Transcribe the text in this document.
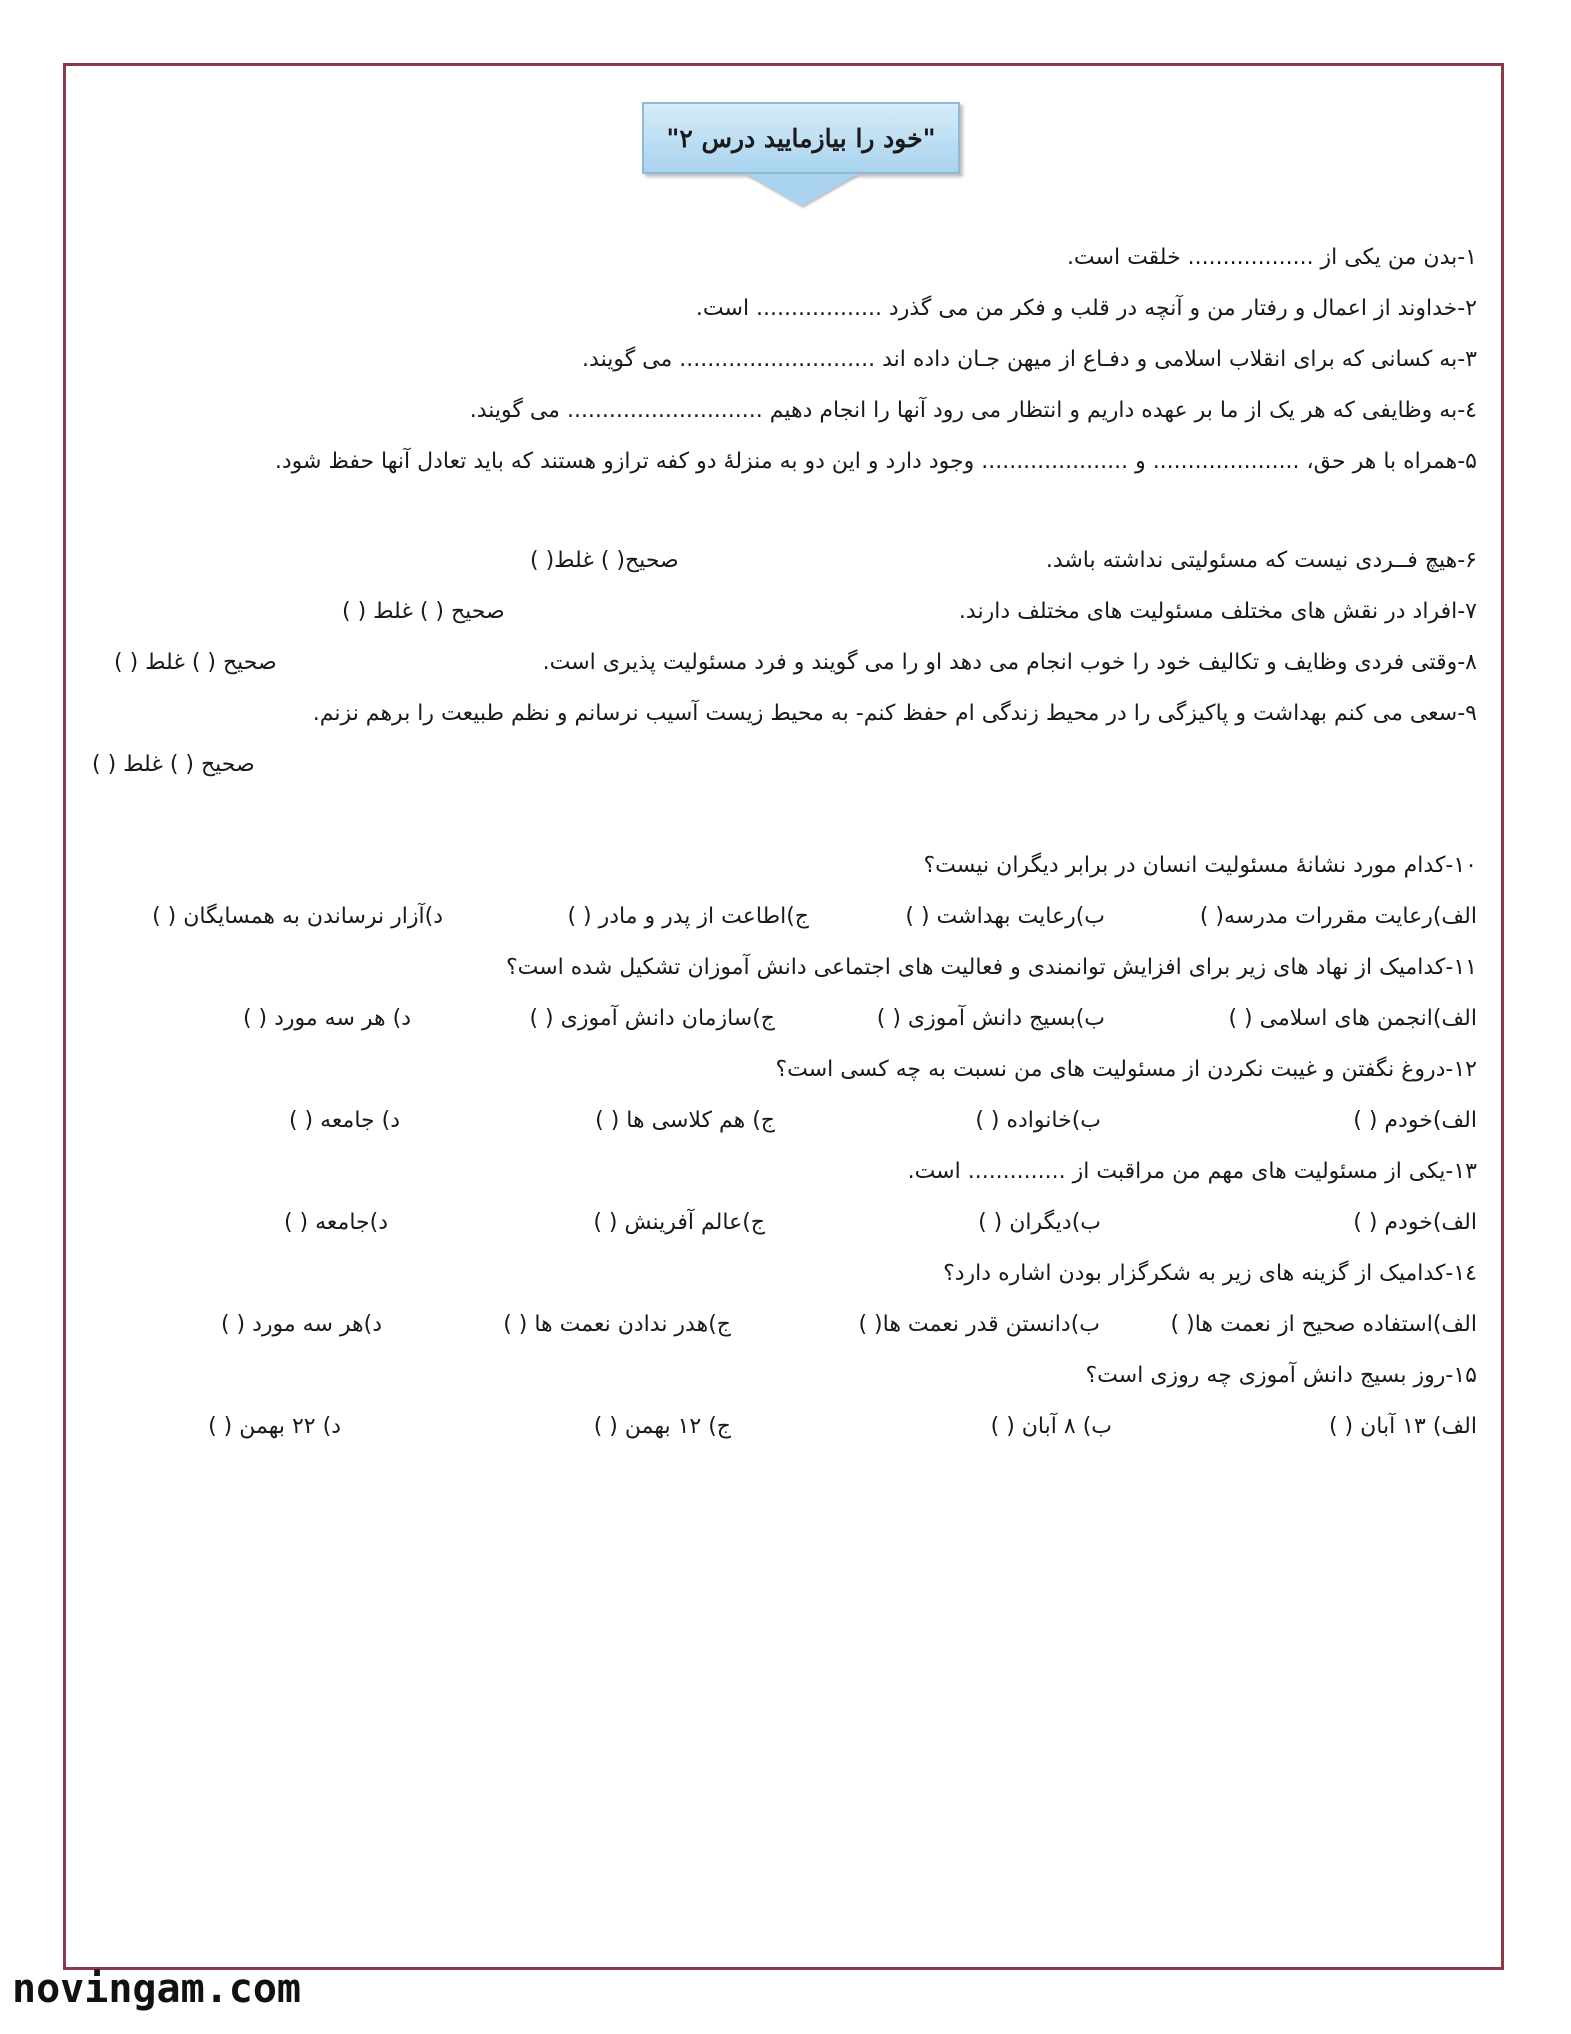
"خود را بیازمایید درس ۲"
۱-بدن من یکی از .................. خلقت است.
۲-خداوند از اعمال و رفتار من و آنچه در قلب و فکر من می گذرد .................. است.
۳-به کسانی که برای انقلاب اسلامی و دفـاع از میهن جـان داده اند ............................ می گویند.
٤-به وظایفی که هر یک از ما بر عهده داریم و انتظار می رود آنها را انجام دهیم ............................ می گویند.
۵-همراه با هر حق، ..................... و ..................... وجود دارد و این دو به منزلهٔ دو کفه ترازو هستند که باید تعادل آنها حفظ شود.
۶-هیچ فــردی نیست که مسئولیتی نداشته باشد.
صحیح( ) غلط( )
۷-افراد در نقش های مختلف مسئولیت های مختلف دارند.
صحیح ( ) غلط ( )
۸-وقتی فردی وظایف و تکالیف خود را خوب انجام می دهد او را می گویند و فرد مسئولیت پذیری است.
صحیح ( ) غلط ( )
۹-سعی می کنم بهداشت و پاکیزگی را در محیط زندگی ام حفظ کنم- به محیط زیست آسیب نرسانم و نظم طبیعت را برهم نزنم.
صحیح ( ) غلط ( )
۱۰-کدام مورد نشانهٔ مسئولیت انسان در برابر دیگران نیست؟
الف)رعایت مقررات مدرسه( )
ب)رعایت بهداشت ( )
ج)اطاعت از پدر و مادر ( )
د)آزار نرساندن به همسایگان ( )
۱۱-کدامیک از نهاد های زیر برای افزایش توانمندی و فعالیت های اجتماعی دانش آموزان تشکیل شده است؟
الف)انجمن های اسلامی ( )
ب)بسیج دانش آموزی ( )
ج)سازمان دانش آموزی ( )
د) هر سه مورد ( )
۱۲-دروغ نگفتن و غیبت نکردن از مسئولیت های من نسبت به چه کسی است؟
الف)خودم ( )
ب)خانواده ( )
ج) هم کلاسی ها ( )
د) جامعه ( )
۱۳-یکی از مسئولیت های مهم من مراقبت از .............. است.
الف)خودم ( )
ب)دیگران ( )
ج)عالم آفرینش ( )
د)جامعه ( )
۱٤-کدامیک از گزینه های زیر به شکرگزار بودن اشاره دارد؟
الف)استفاده صحیح از نعمت ها( )
ب)دانستن قدر نعمت ها( )
ج)هدر ندادن نعمت ها ( )
د)هر سه مورد ( )
۱۵-روز بسیج دانش آموزی چه روزی است؟
الف) ۱۳ آبان ( )
ب) ۸ آبان ( )
ج) ۱۲ بهمن ( )
د) ۲۲ بهمن ( )
novingam.com
